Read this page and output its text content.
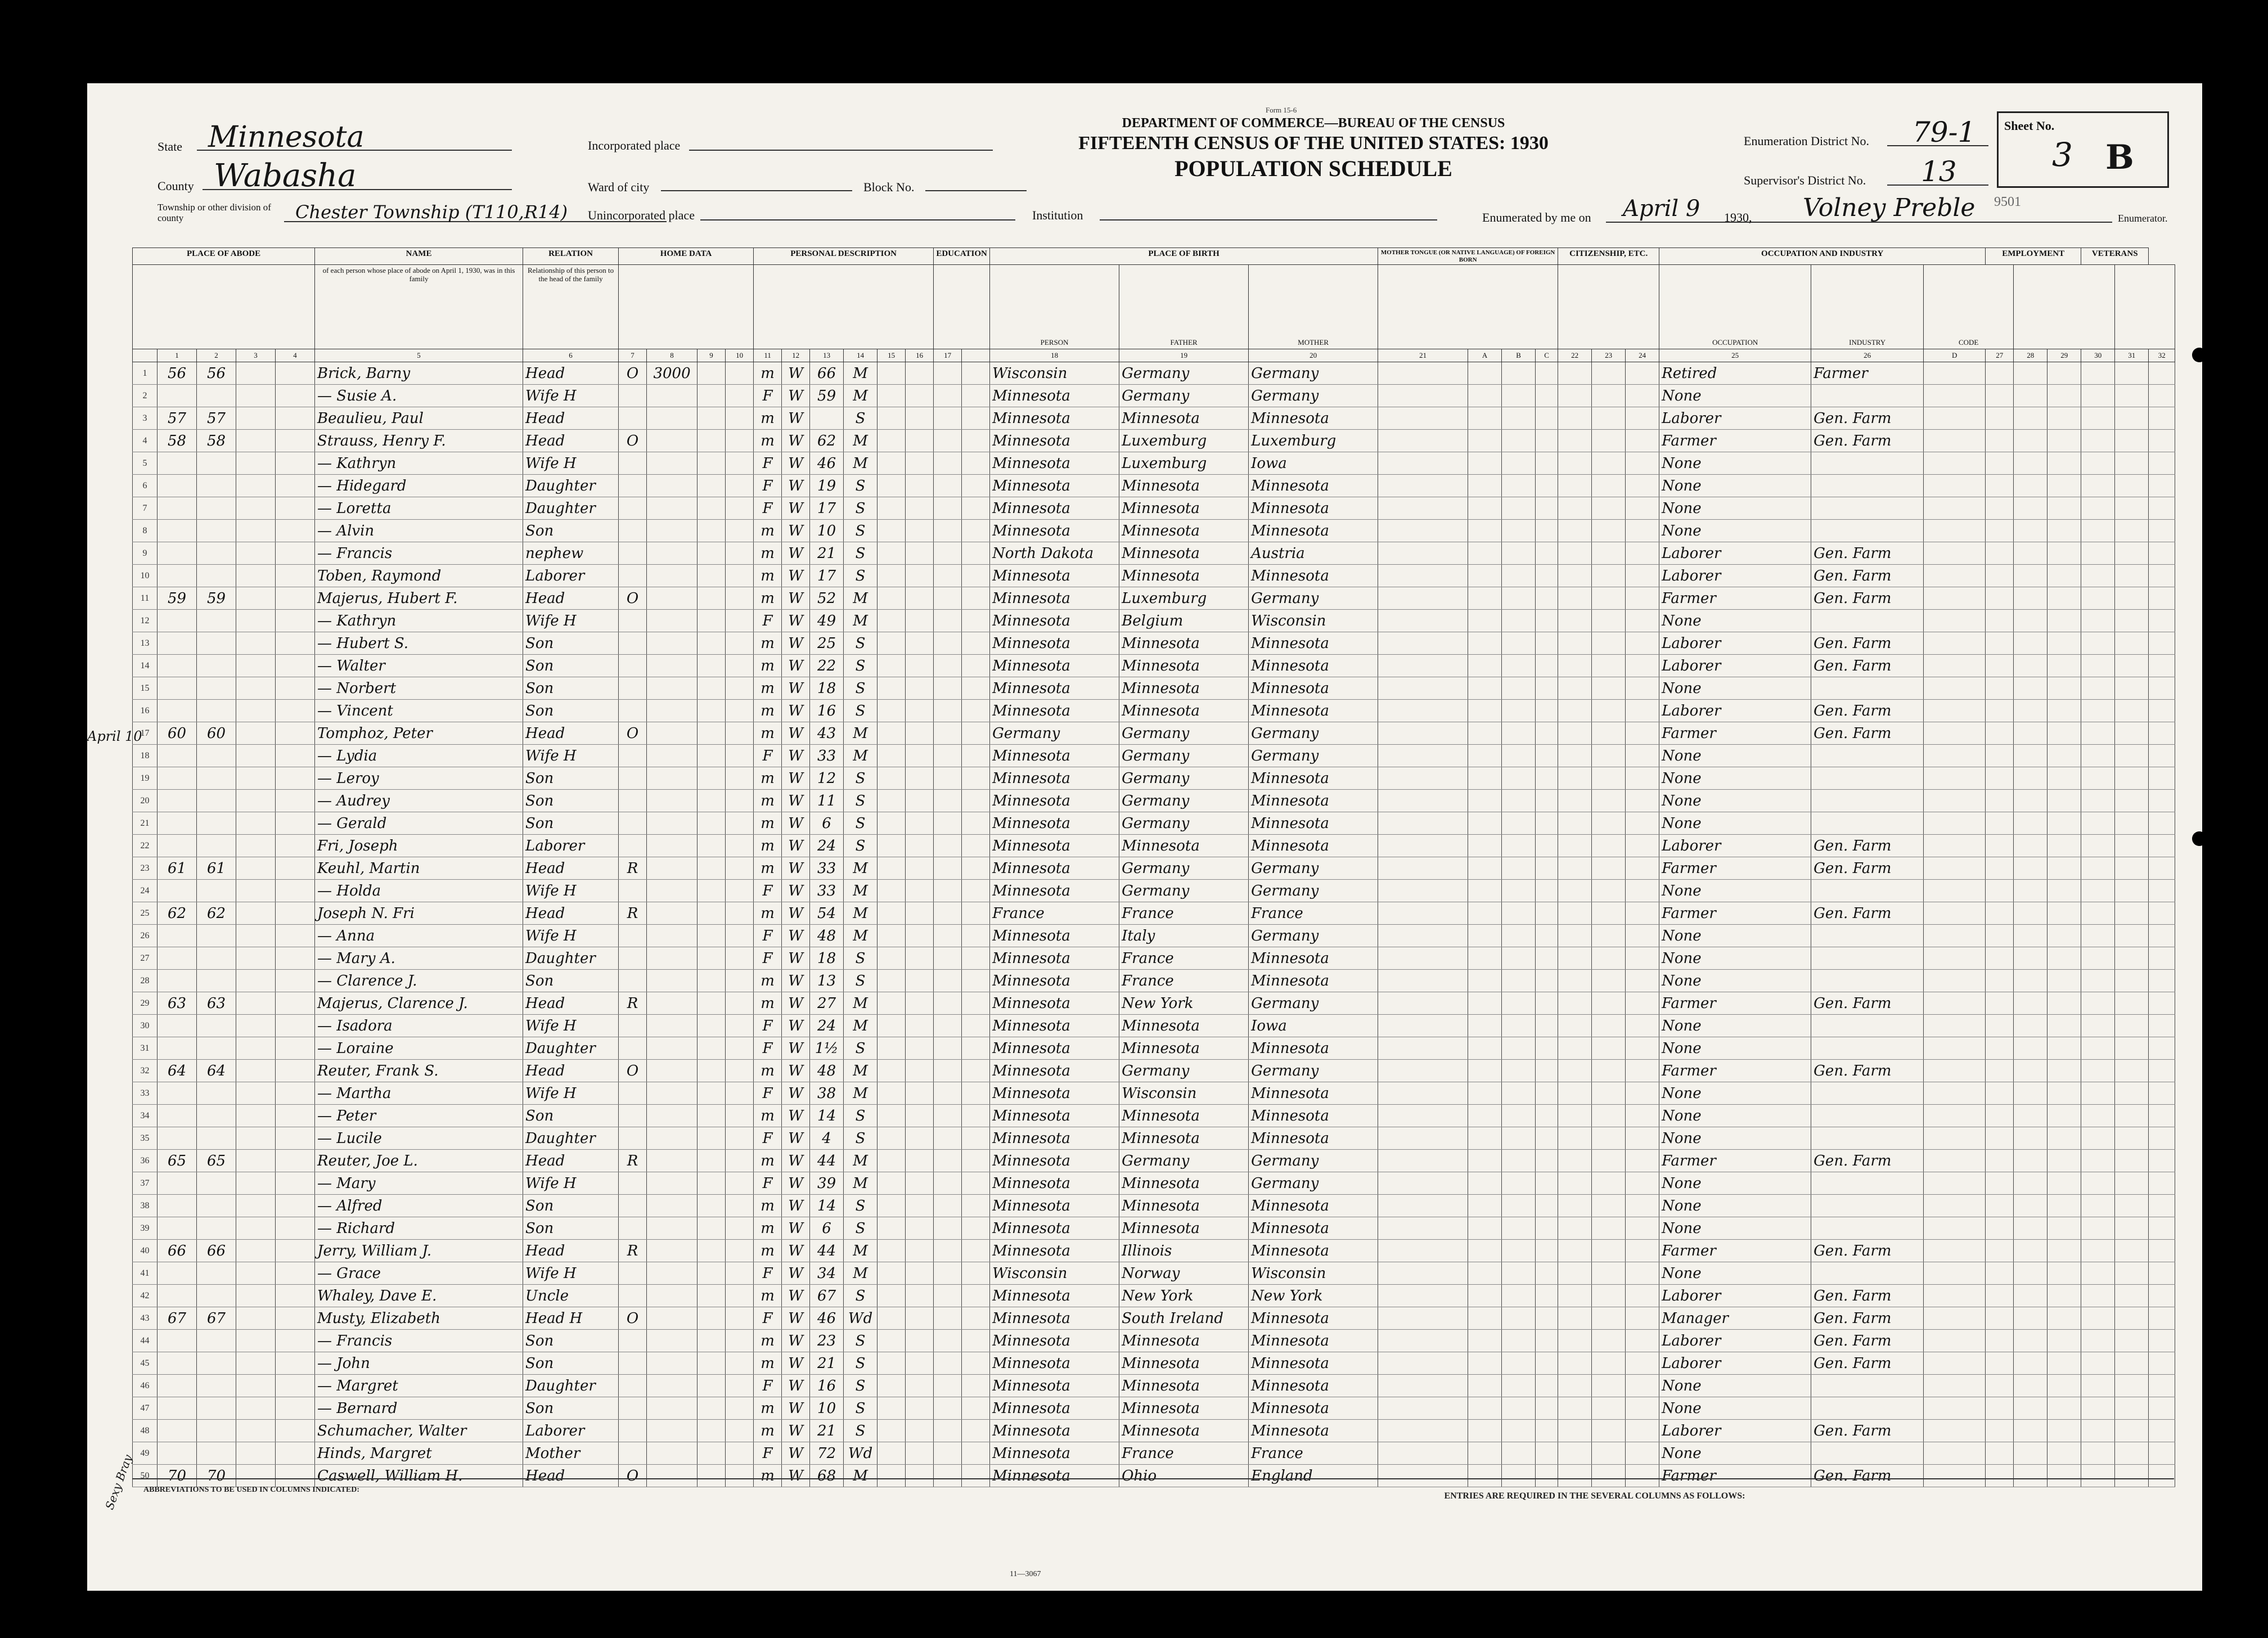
Form 15-6
DEPARTMENT OF COMMERCE—BUREAU OF THE CENSUS
FIFTEENTH CENSUS OF THE UNITED STATES: 1930
POPULATION SCHEDULE
State Minnesota
County Wabasha
Township or other division of county	Chester Township (T110,R14)
Incorporated place
Ward of city	Block No.
Unincorporated place	Institution
Enumeration District No. 79-1
Supervisor's District No. 13
Enumerated by me on April 9 1930, Volney Preble	Enumerator.
Sheet No.
3 B
9501
PLACE OF ABODE					NAME	RELATION	HOME DATA				PERSONAL DESCRIPTION						EDUCATION		PLACE OF BIRTH			MOTHER TONGUE (OR NATIVE LANGUAGE) OF FOREIGN BORN				CITIZENSHIP, ETC.			OCCUPATION AND INDUSTRY			EMPLOYMENT			VETERANS		
					of each person whose place of abode on April 1, 1930, was in this family	Relationship of this person to the head of the family													PERSON	FATHER	MOTHER								OCCUPATION	INDUSTRY	CODE						
	1	2	3	4	5	6	7	8	9	10	11	12	13	14	15	16	17		18	19	20	21	A	B	C	22	23	24	25	26	D	27	28	29	30	31	32
1	56	56			Brick, Barny	Head	O	3000			m	W	66	M					Wisconsin	Germany	Germany								Retired	Farmer							
2					— Susie A.	Wife H					F	W	59	M					Minnesota	Germany	Germany								None								
3	57	57			Beaulieu, Paul	Head					m	W		S					Minnesota	Minnesota	Minnesota								Laborer	Gen. Farm							
4	58	58			Strauss, Henry F.	Head	O				m	W	62	M					Minnesota	Luxemburg	Luxemburg								Farmer	Gen. Farm							
5					— Kathryn	Wife H					F	W	46	M					Minnesota	Luxemburg	Iowa								None								
6					— Hidegard	Daughter					F	W	19	S					Minnesota	Minnesota	Minnesota								None								
7					— Loretta	Daughter					F	W	17	S					Minnesota	Minnesota	Minnesota								None								
8					— Alvin	Son					m	W	10	S					Minnesota	Minnesota	Minnesota								None								
9					— Francis	nephew					m	W	21	S					North Dakota	Minnesota	Austria								Laborer	Gen. Farm							
10					Toben, Raymond	Laborer					m	W	17	S					Minnesota	Minnesota	Minnesota								Laborer	Gen. Farm							
11	59	59			Majerus, Hubert F.	Head	O				m	W	52	M					Minnesota	Luxemburg	Germany								Farmer	Gen. Farm							
12					— Kathryn	Wife H					F	W	49	M					Minnesota	Belgium	Wisconsin								None								
13					— Hubert S.	Son					m	W	25	S					Minnesota	Minnesota	Minnesota								Laborer	Gen. Farm							
14					— Walter	Son					m	W	22	S					Minnesota	Minnesota	Minnesota								Laborer	Gen. Farm							
15					— Norbert	Son					m	W	18	S					Minnesota	Minnesota	Minnesota								None								
16					— Vincent	Son					m	W	16	S					Minnesota	Minnesota	Minnesota								Laborer	Gen. Farm							
17	60	60			Tomphoz, Peter	Head	O				m	W	43	M					Germany	Germany	Germany								Farmer	Gen. Farm							
18					— Lydia	Wife H					F	W	33	M					Minnesota	Germany	Germany								None								
19					— Leroy	Son					m	W	12	S					Minnesota	Germany	Minnesota								None								
20					— Audrey	Son					m	W	11	S					Minnesota	Germany	Minnesota								None								
21					— Gerald	Son					m	W	6	S					Minnesota	Germany	Minnesota								None								
22					Fri, Joseph	Laborer					m	W	24	S					Minnesota	Minnesota	Minnesota								Laborer	Gen. Farm							
23	61	61			Keuhl, Martin	Head	R				m	W	33	M					Minnesota	Germany	Germany								Farmer	Gen. Farm							
24					— Holda	Wife H					F	W	33	M					Minnesota	Germany	Germany								None								
25	62	62			Joseph N. Fri	Head	R				m	W	54	M					France	France	France								Farmer	Gen. Farm							
26					— Anna	Wife H					F	W	48	M					Minnesota	Italy	Germany								None								
27					— Mary A.	Daughter					F	W	18	S					Minnesota	France	Minnesota								None								
28					— Clarence J.	Son					m	W	13	S					Minnesota	France	Minnesota								None								
29	63	63			Majerus, Clarence J.	Head	R				m	W	27	M					Minnesota	New York	Germany								Farmer	Gen. Farm							
30					— Isadora	Wife H					F	W	24	M					Minnesota	Minnesota	Iowa								None								
31					— Loraine	Daughter					F	W	1½	S					Minnesota	Minnesota	Minnesota								None								
32	64	64			Reuter, Frank S.	Head	O				m	W	48	M					Minnesota	Germany	Germany								Farmer	Gen. Farm							
33					— Martha	Wife H					F	W	38	M					Minnesota	Wisconsin	Minnesota								None								
34					— Peter	Son					m	W	14	S					Minnesota	Minnesota	Minnesota								None								
35					— Lucile	Daughter					F	W	4	S					Minnesota	Minnesota	Minnesota								None								
36	65	65			Reuter, Joe L.	Head	R				m	W	44	M					Minnesota	Germany	Germany								Farmer	Gen. Farm							
37					— Mary	Wife H					F	W	39	M					Minnesota	Minnesota	Germany								None								
38					— Alfred	Son					m	W	14	S					Minnesota	Minnesota	Minnesota								None								
39					— Richard	Son					m	W	6	S					Minnesota	Minnesota	Minnesota								None								
40	66	66			Jerry, William J.	Head	R				m	W	44	M					Minnesota	Illinois	Minnesota								Farmer	Gen. Farm							
41					— Grace	Wife H					F	W	34	M					Wisconsin	Norway	Wisconsin								None								
42					Whaley, Dave E.	Uncle					m	W	67	S					Minnesota	New York	New York								Laborer	Gen. Farm							
43	67	67			Musty, Elizabeth	Head H	O				F	W	46	Wd					Minnesota	South Ireland	Minnesota								Manager	Gen. Farm							
44					— Francis	Son					m	W	23	S					Minnesota	Minnesota	Minnesota								Laborer	Gen. Farm							
45					— John	Son					m	W	21	S					Minnesota	Minnesota	Minnesota								Laborer	Gen. Farm							
46					— Margret	Daughter					F	W	16	S					Minnesota	Minnesota	Minnesota								None								
47					— Bernard	Son					m	W	10	S					Minnesota	Minnesota	Minnesota								None								
48					Schumacher, Walter	Laborer					m	W	21	S					Minnesota	Minnesota	Minnesota								Laborer	Gen. Farm							
49					Hinds, Margret	Mother					F	W	72	Wd					Minnesota	France	France								None								
50	70	70			Caswell, William H.	Head	O				m	W	68	M					Minnesota	Ohio	England								Farmer	Gen. Farm							
April 10
Sexy Bray ABBREVIATIONS TO BE USED IN COLUMNS INDICATED:
ENTRIES ARE REQUIRED IN THE SEVERAL COLUMNS AS FOLLOWS:
11—3067
